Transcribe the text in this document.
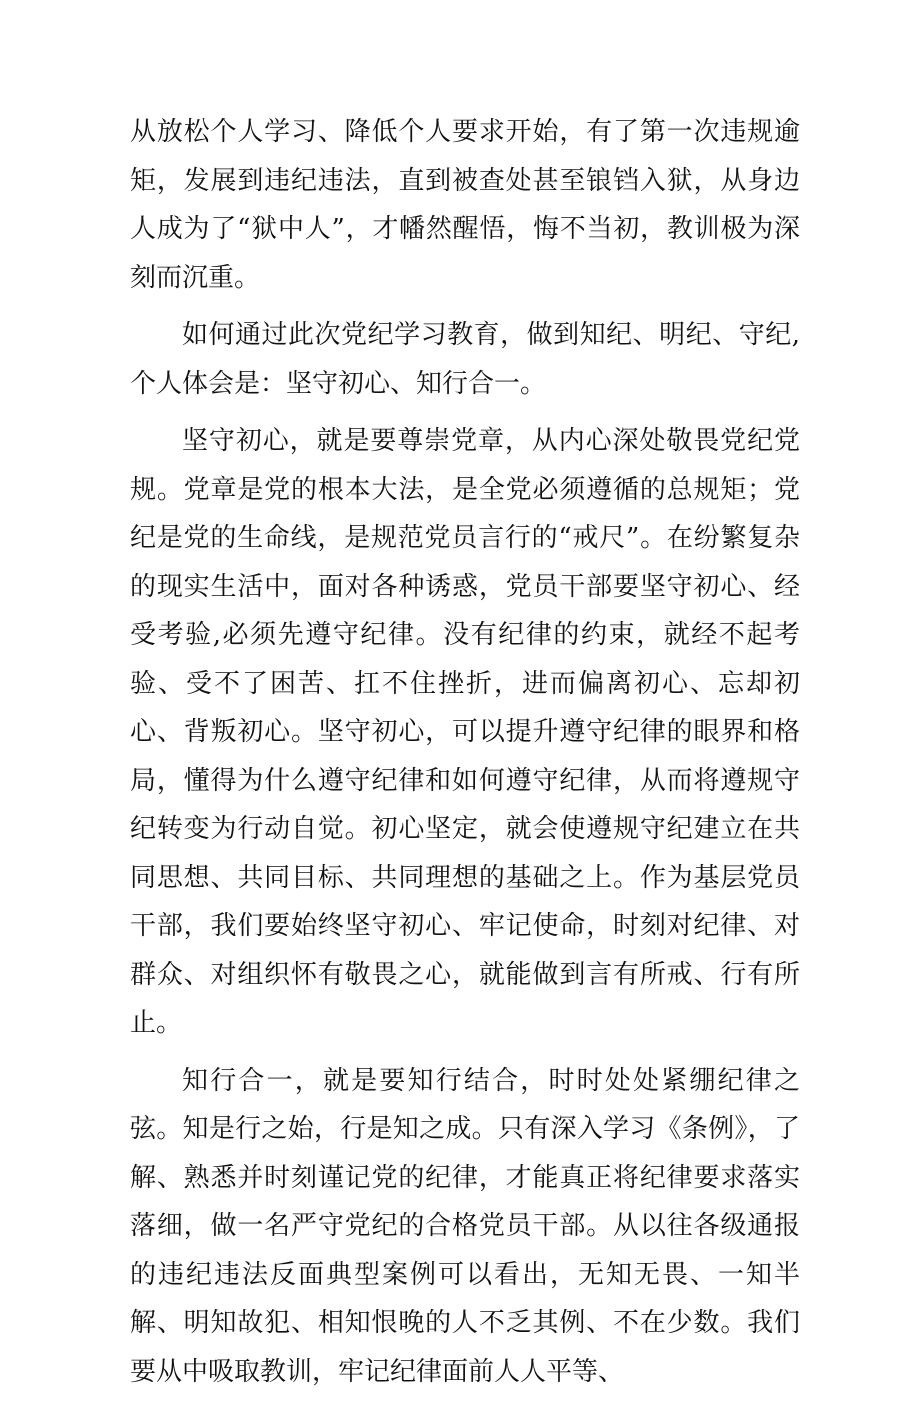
从放松个人学习、降低个人要求开始，有了第一次违规逾矩，发展到违纪违法，直到被查处甚至锒铛入狱，从身边人成为了“狱中人”，才幡然醒悟，悔不当初，教训极为深刻而沉重。

如何通过此次党纪学习教育，做到知纪、明纪、守纪,个人体会是：坚守初心、知行合一。

坚守初心，就是要尊崇党章，从内心深处敬畏党纪党规。党章是党的根本大法，是全党必须遵循的总规矩；党纪是党的生命线，是规范党员言行的“戒尺”。在纷繁复杂的现实生活中，面对各种诱惑，党员干部要坚守初心、经受考验,必须先遵守纪律。没有纪律的约束，就经不起考验、受不了困苦、扛不住挫折，进而偏离初心、忘却初心、背叛初心。坚守初心，可以提升遵守纪律的眼界和格局，懂得为什么遵守纪律和如何遵守纪律，从而将遵规守纪转变为行动自觉。初心坚定，就会使遵规守纪建立在共同思想、共同目标、共同理想的基础之上。作为基层党员干部，我们要始终坚守初心、牢记使命，时刻对纪律、对群众、对组织怀有敬畏之心，就能做到言有所戒、行有所止。

知行合一，就是要知行结合，时时处处紧绷纪律之弦。知是行之始，行是知之成。只有深入学习《条例》，了解、熟悉并时刻谨记党的纪律，才能真正将纪律要求落实落细，做一名严守党纪的合格党员干部。从以往各级通报的违纪违法反面典型案例可以看出，无知无畏、一知半解、明知故犯、相知恨晚的人不乏其例、不在少数。我们要从中吸取教训，牢记纪律面前人人平等、
